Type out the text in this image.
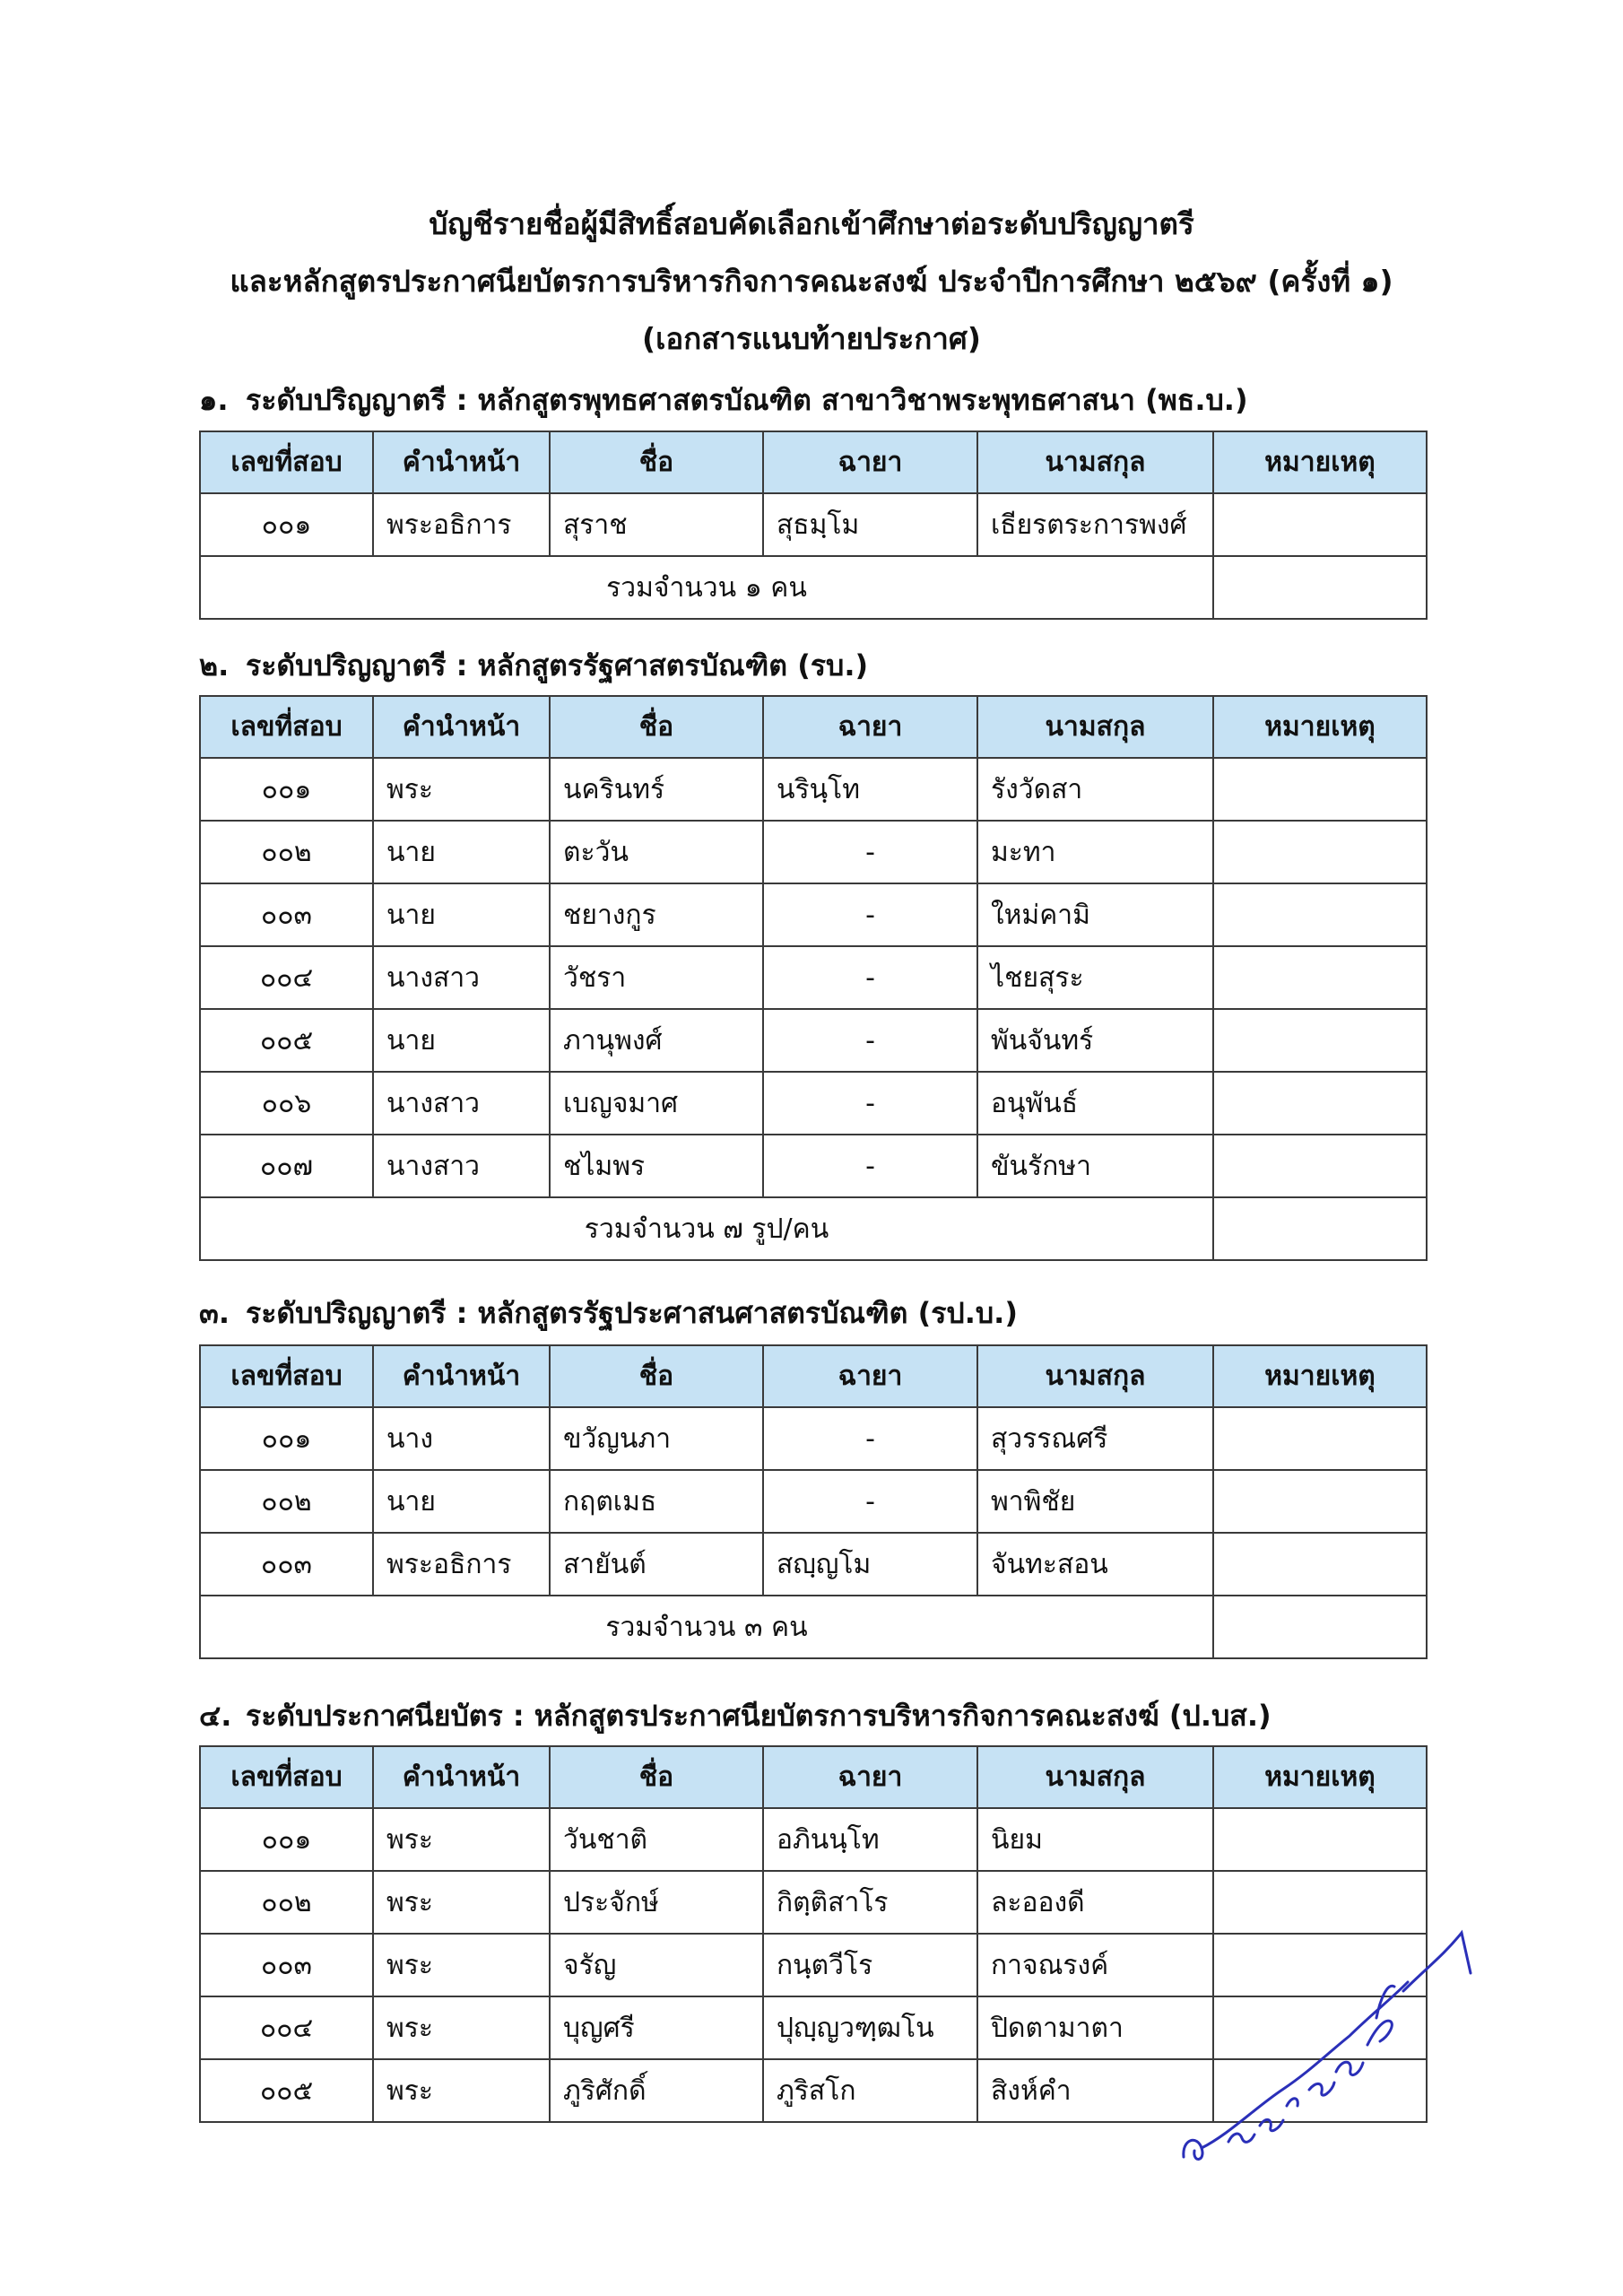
บัญชีรายชื่อผู้มีสิทธิ์สอบคัดเลือกเข้าศึกษาต่อระดับปริญญาตรี
และหลักสูตรประกาศนียบัตรการบริหารกิจการคณะสงฆ์ ประจำปีการศึกษา ๒๕๖๙ (ครั้งที่ ๑)
(เอกสารแนบท้ายประกาศ)
๑. ระดับปริญญาตรี : หลักสูตรพุทธศาสตรบัณฑิต สาขาวิชาพระพุทธศาสนา (พธ.บ.)
เลขที่สอบ	คำนำหน้า	ชื่อ	ฉายา	นามสกุล	หมายเหตุ
๐๐๑	พระอธิการ	สุราช	สุธมฺโม	เธียรตระการพงศ์	
รวมจำนวน ๑ คน					
๒. ระดับปริญญาตรี : หลักสูตรรัฐศาสตรบัณฑิต (รบ.)
เลขที่สอบ	คำนำหน้า	ชื่อ	ฉายา	นามสกุล	หมายเหตุ
๐๐๑	พระ	นครินทร์	นรินฺโท	รังวัดสา	
๐๐๒	นาย	ตะวัน	-	มะทา	
๐๐๓	นาย	ชยางกูร	-	ใหม่คามิ	
๐๐๔	นางสาว	วัชรา	-	ไชยสุระ	
๐๐๕	นาย	ภานุพงศ์	-	พันจันทร์	
๐๐๖	นางสาว	เบญจมาศ	-	อนุพันธ์	
๐๐๗	นางสาว	ชไมพร	-	ขันรักษา	
รวมจำนวน ๗ รูป/คน					
๓. ระดับปริญญาตรี : หลักสูตรรัฐประศาสนศาสตรบัณฑิต (รป.บ.)
เลขที่สอบ	คำนำหน้า	ชื่อ	ฉายา	นามสกุล	หมายเหตุ
๐๐๑	นาง	ขวัญนภา	-	สุวรรณศรี	
๐๐๒	นาย	กฤตเมธ	-	พาพิชัย	
๐๐๓	พระอธิการ	สายันต์	สญฺญโม	จันทะสอน	
รวมจำนวน ๓ คน					
๔. ระดับประกาศนียบัตร : หลักสูตรประกาศนียบัตรการบริหารกิจการคณะสงฆ์ (ป.บส.)
เลขที่สอบ	คำนำหน้า	ชื่อ	ฉายา	นามสกุล	หมายเหตุ
๐๐๑	พระ	วันชาติ	อภินนฺโท	นิยม	
๐๐๒	พระ	ประจักษ์	กิตฺติสาโร	ละอองดี	
๐๐๓	พระ	จรัญ	กนฺตวีโร	กาจณรงค์	
๐๐๔	พระ	บุญศรี	ปุญฺญวฑฺฒโน	ปิดตามาตา	
๐๐๕	พระ	ภูริศักดิ์	ภูริสโก	สิงห์คำ	
